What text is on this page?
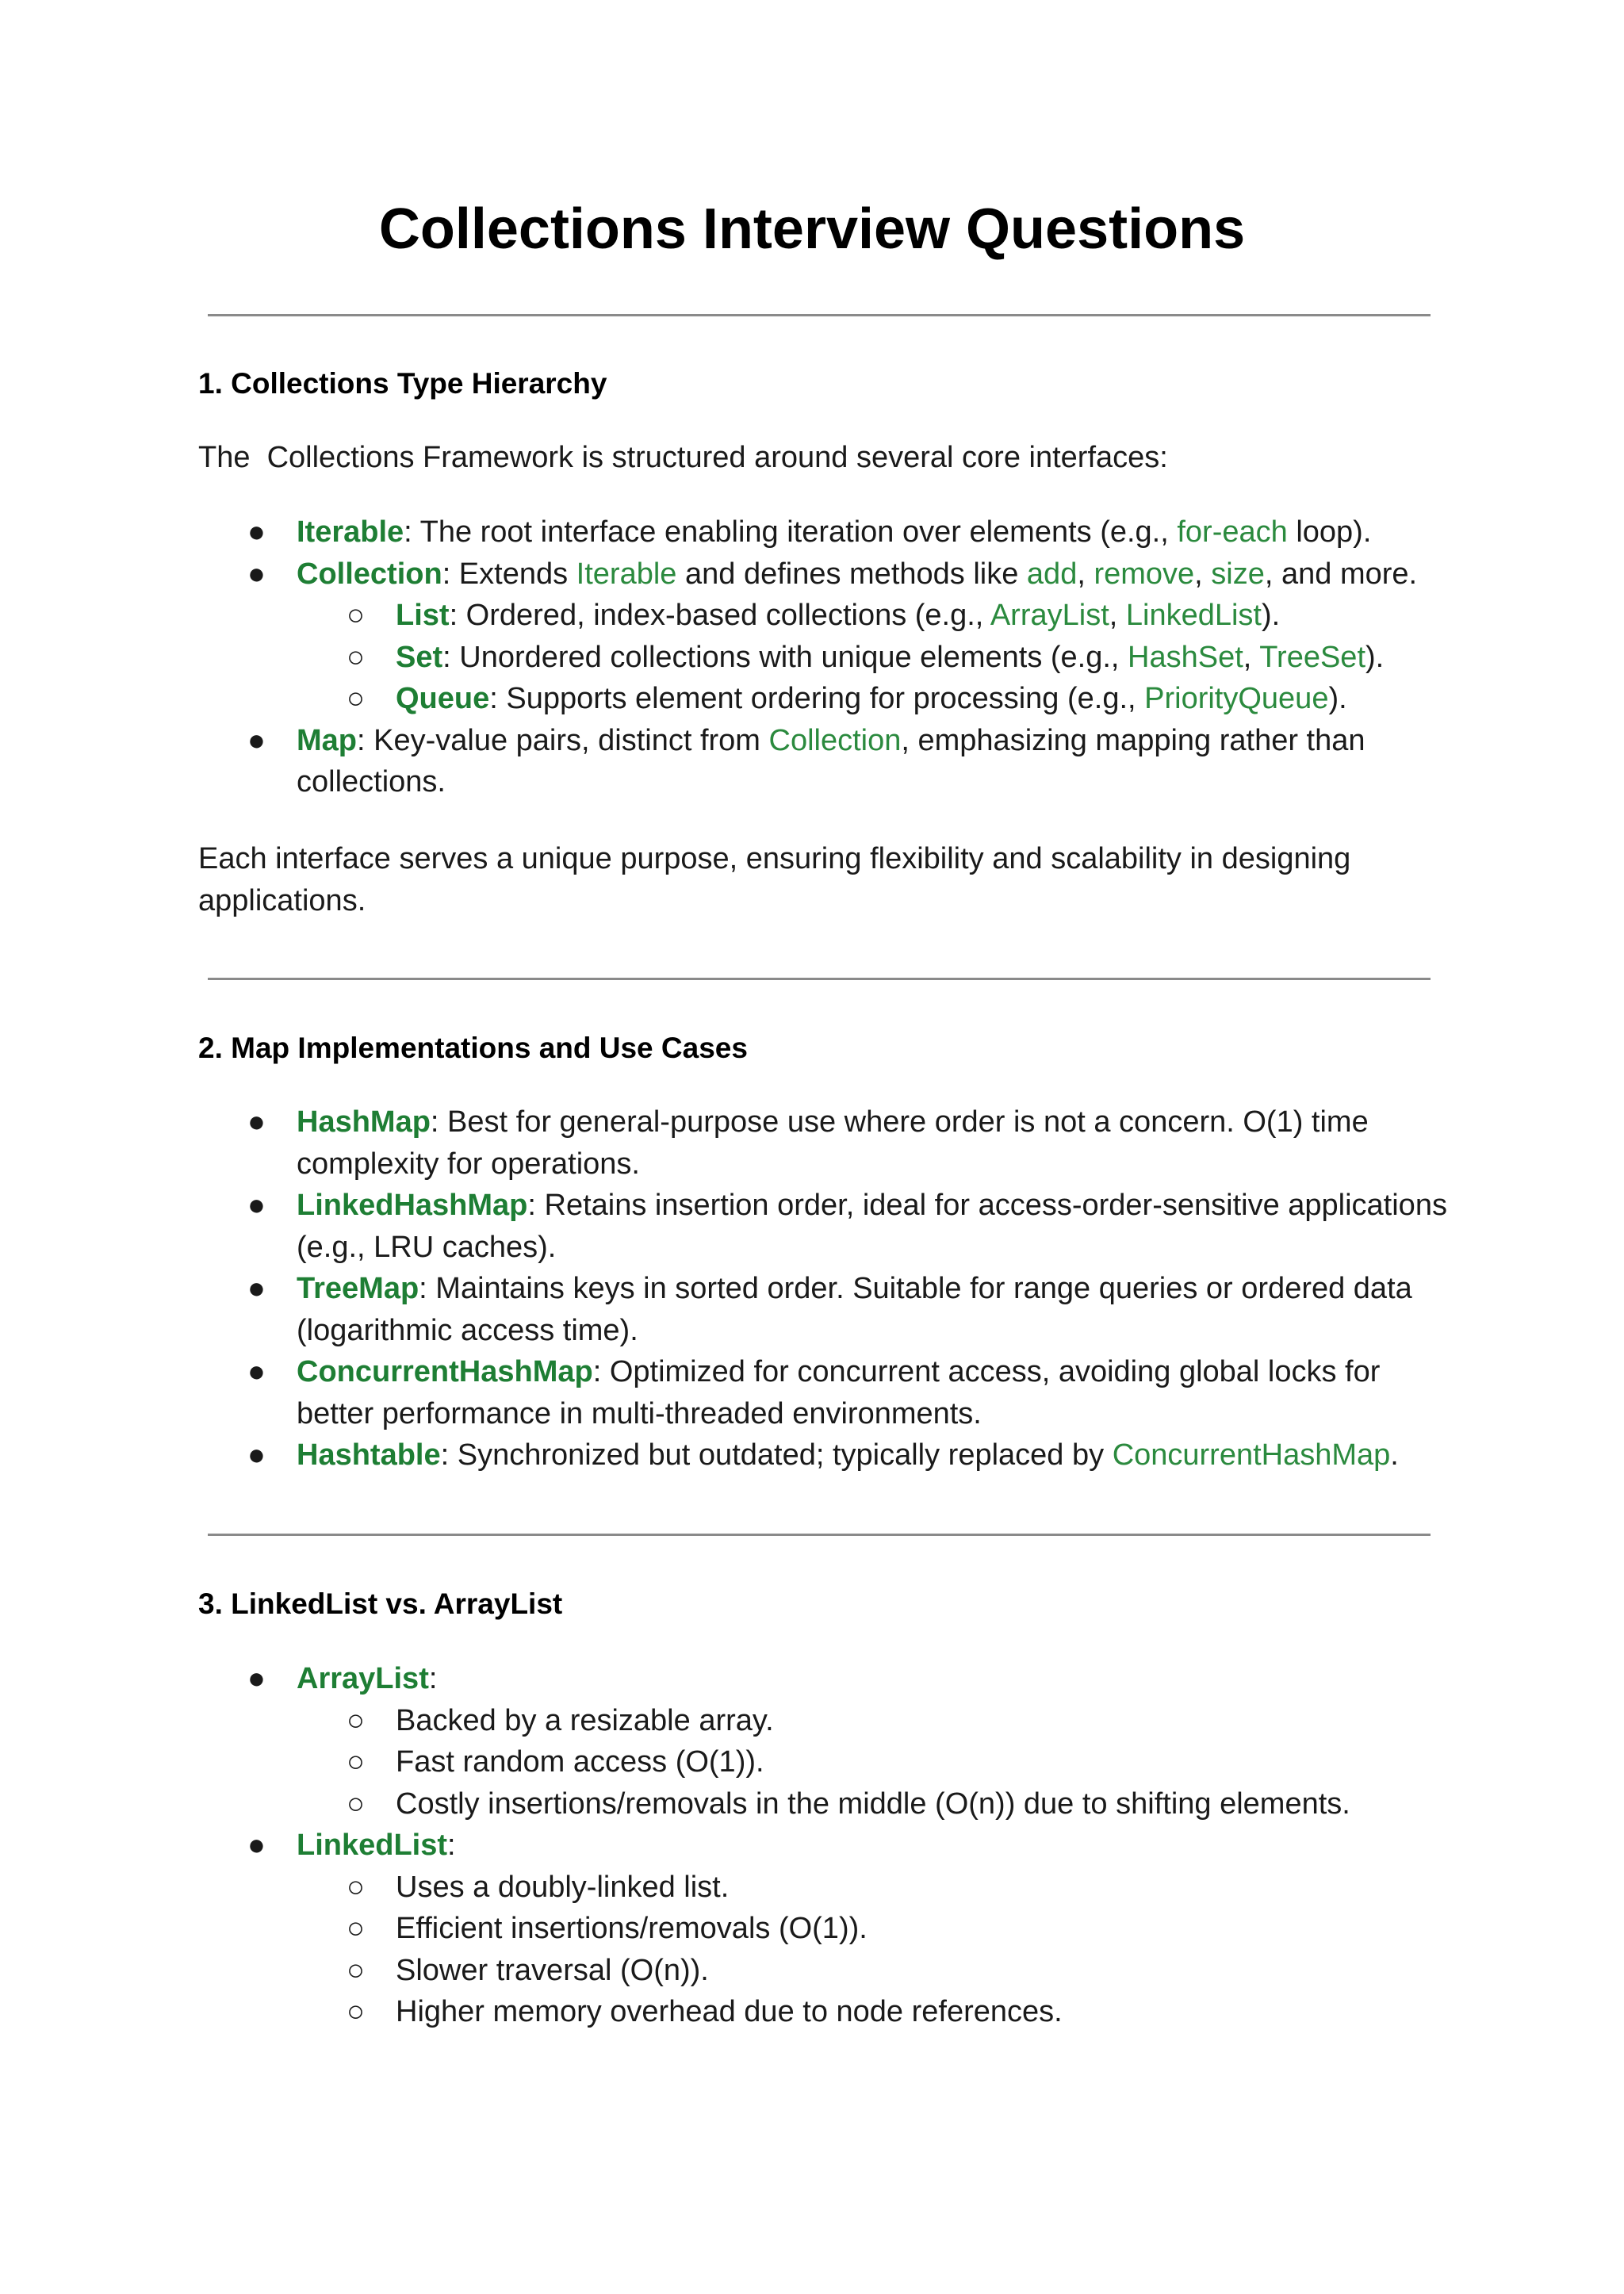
Collections Interview Questions
1. Collections Type Hierarchy
The  Collections Framework is structured around several core interfaces:
● Iterable: The root interface enabling iteration over elements (e.g., for-each loop).
● Collection: Extends Iterable and defines methods like add, remove, size, and more.
○ List: Ordered, index-based collections (e.g., ArrayList, LinkedList).
○ Set: Unordered collections with unique elements (e.g., HashSet, TreeSet).
○ Queue: Supports element ordering for processing (e.g., PriorityQueue).
● Map: Key-value pairs, distinct from Collection, emphasizing mapping rather than collections.
Each interface serves a unique purpose, ensuring flexibility and scalability in designing applications.
2. Map Implementations and Use Cases
● HashMap: Best for general-purpose use where order is not a concern. O(1) time complexity for operations.
● LinkedHashMap: Retains insertion order, ideal for access-order-sensitive applications (e.g., LRU caches).
● TreeMap: Maintains keys in sorted order. Suitable for range queries or ordered data (logarithmic access time).
● ConcurrentHashMap: Optimized for concurrent access, avoiding global locks for better performance in multi-threaded environments.
● Hashtable: Synchronized but outdated; typically replaced by ConcurrentHashMap.
3. LinkedList vs. ArrayList
● ArrayList:
○ Backed by a resizable array.
○ Fast random access (O(1)).
○ Costly insertions/removals in the middle (O(n)) due to shifting elements.
● LinkedList:
○ Uses a doubly-linked list.
○ Efficient insertions/removals (O(1)).
○ Slower traversal (O(n)).
○ Higher memory overhead due to node references.
